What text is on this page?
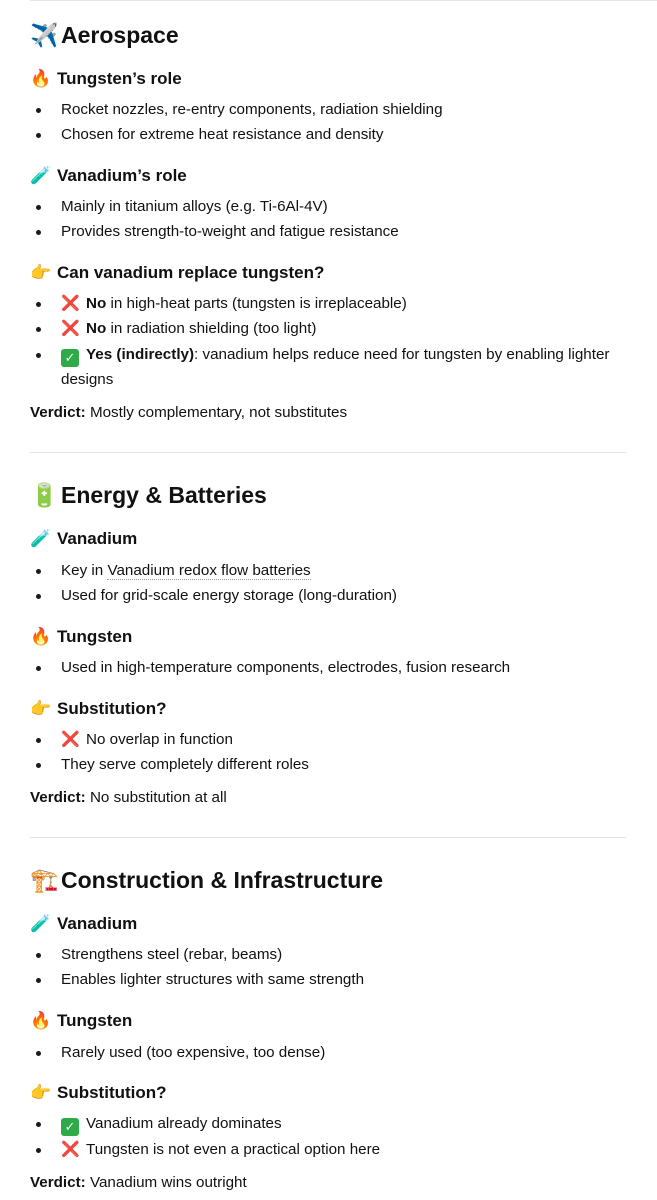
✈️ Aerospace
🔥 Tungsten’s role
Rocket nozzles, re-entry components, radiation shielding
Chosen for extreme heat resistance and density
🧪 Vanadium’s role
Mainly in titanium alloys (e.g. Ti-6Al-4V)
Provides strength-to-weight and fatigue resistance
👉 Can vanadium replace tungsten?
❌ No in high-heat parts (tungsten is irreplaceable)
❌ No in radiation shielding (too light)
✓ Yes (indirectly): vanadium helps reduce need for tungsten by enabling lighter
designs
Verdict: Mostly complementary, not substitutes
🔋 Energy & Batteries
🧪 Vanadium
Key in Vanadium redox flow batteries
Used for grid-scale energy storage (long-duration)
🔥 Tungsten
Used in high-temperature components, electrodes, fusion research
👉 Substitution?
❌ No overlap in function
They serve completely different roles
Verdict: No substitution at all
🏗️ Construction & Infrastructure
🧪 Vanadium
Strengthens steel (rebar, beams)
Enables lighter structures with same strength
🔥 Tungsten
Rarely used (too expensive, too dense)
👉 Substitution?
✓ Vanadium already dominates
❌ Tungsten is not even a practical option here
Verdict: Vanadium wins outright
